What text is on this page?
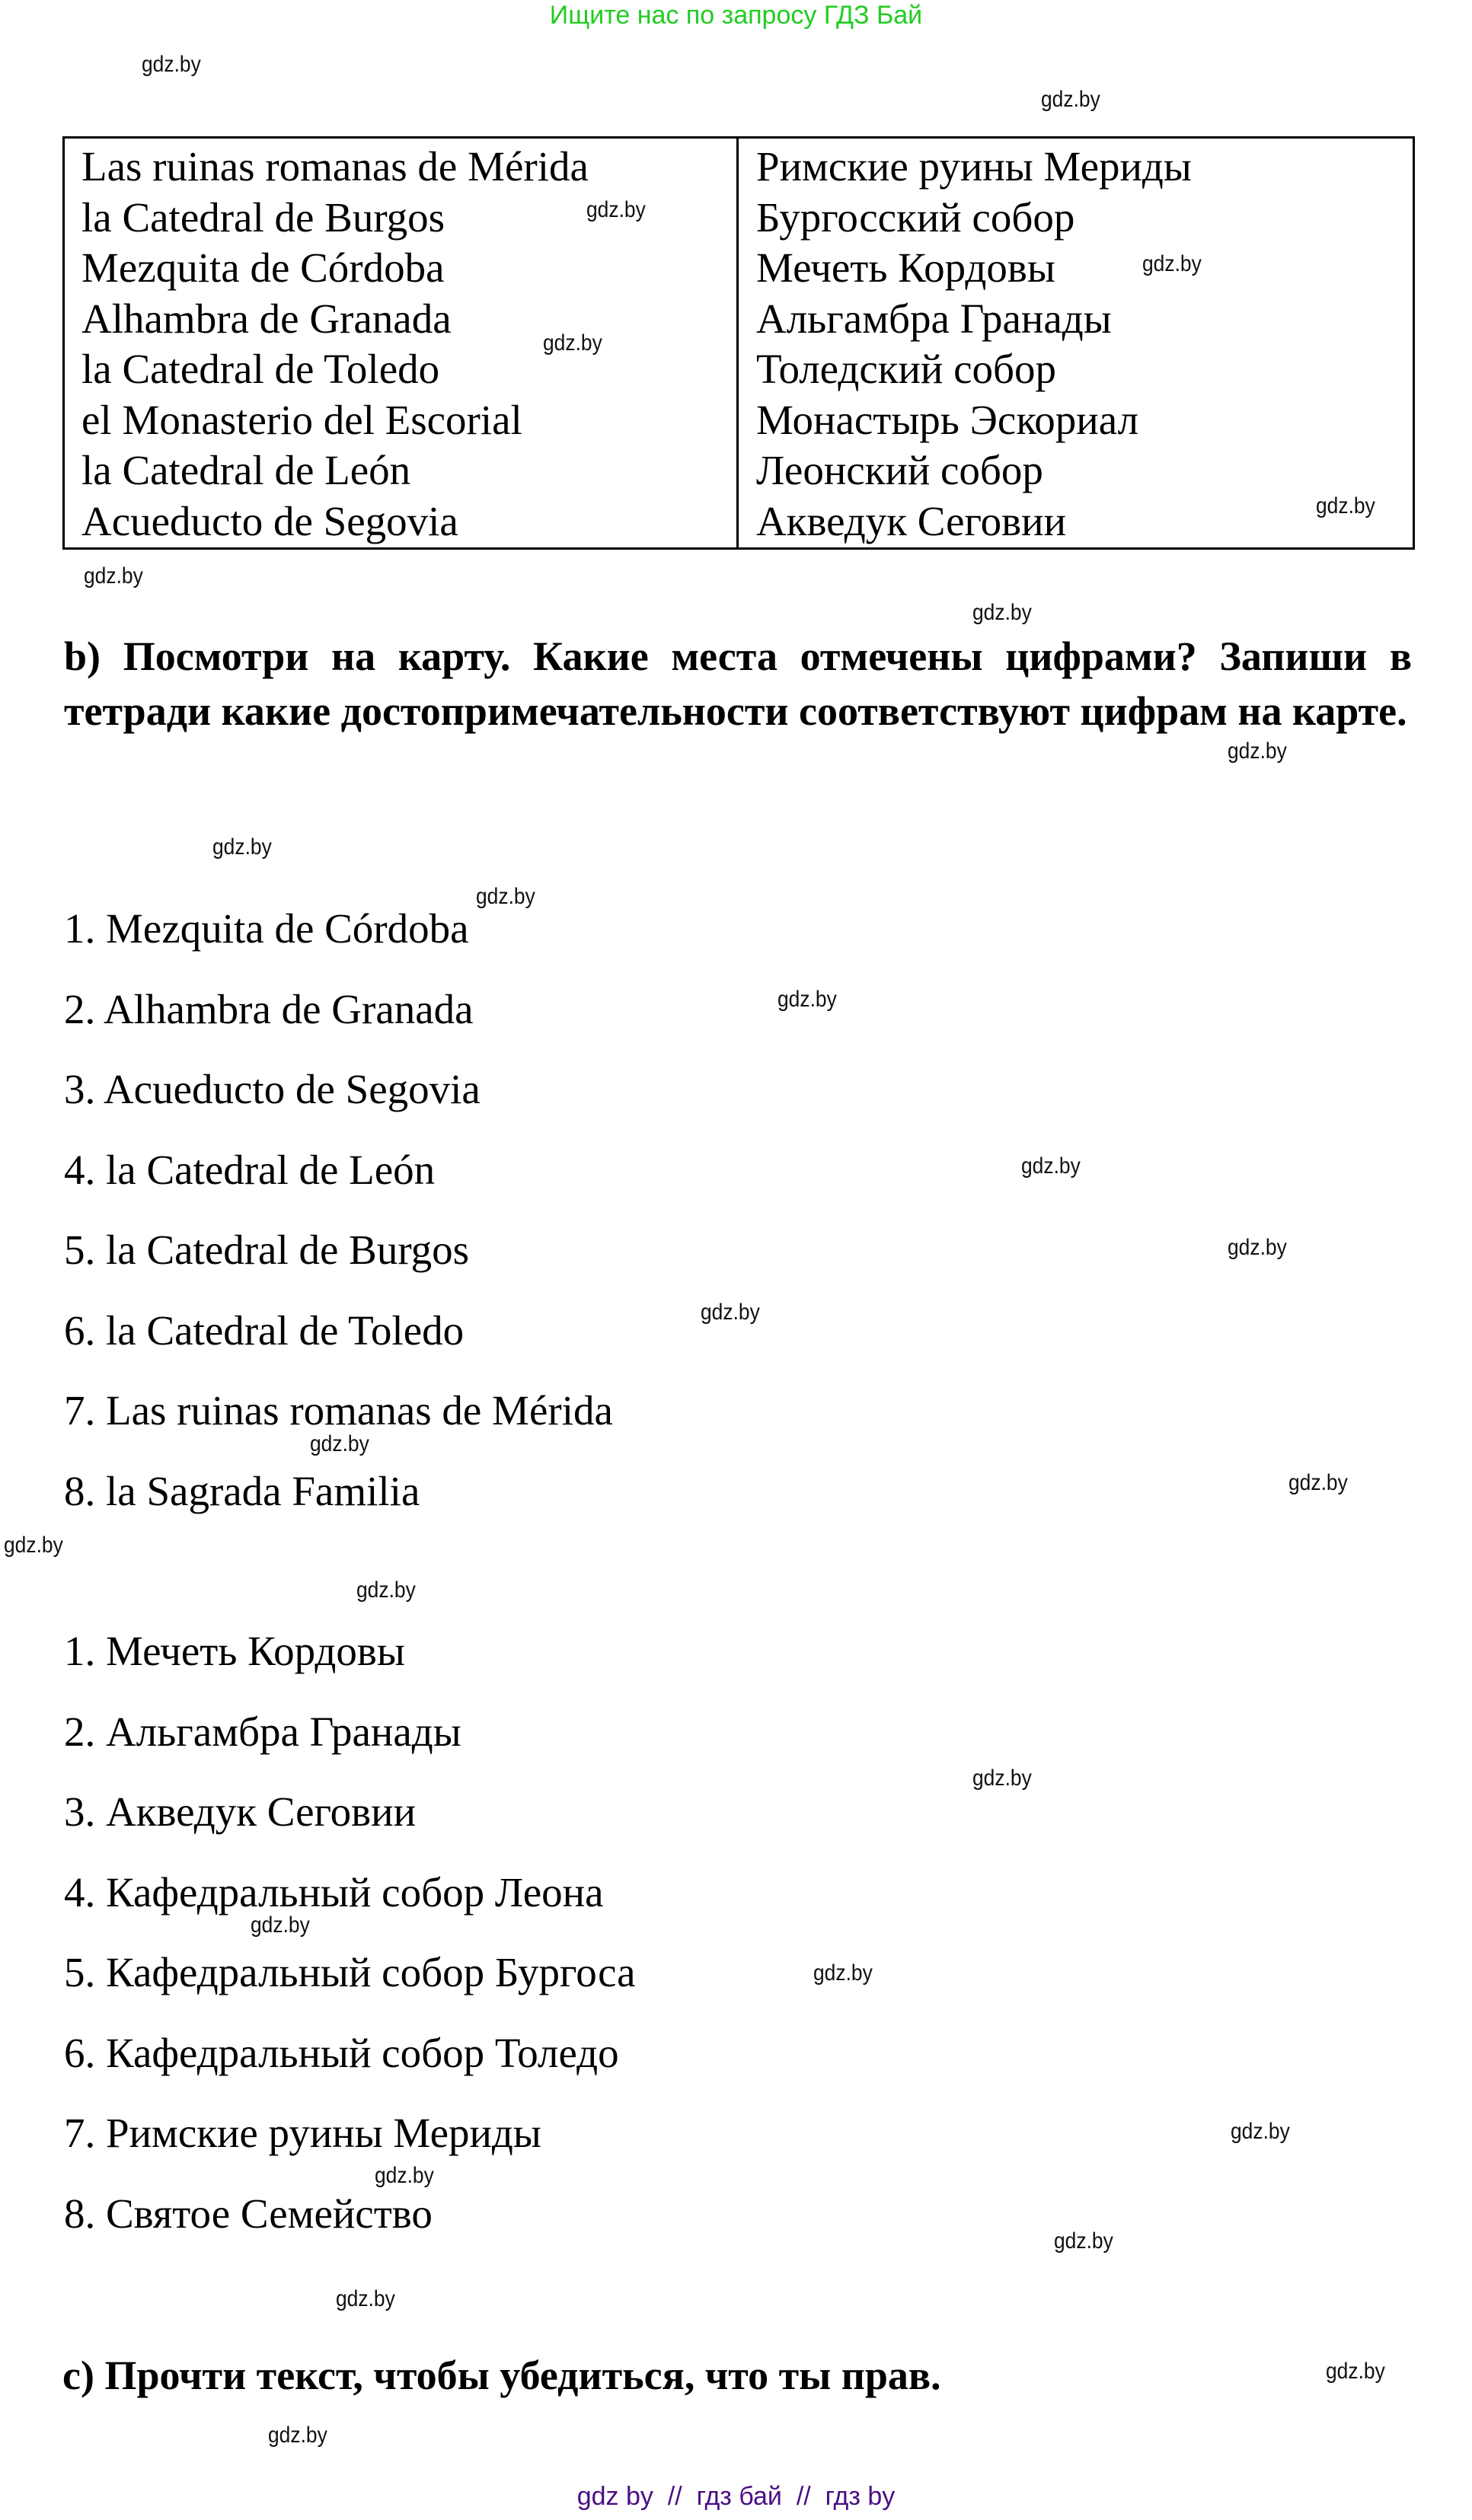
Ищите нас по запросу ГДЗ Бай
Las ruinas romanas de Mérida
la Catedral de Burgos
Mezquita de Córdoba
Alhambra de Granada
la Catedral de Toledo
el Monasterio del Escorial
la Catedral de León
Acueducto de Segovia
Римские руины Мериды
Бургосский собор
Мечеть Кордовы
Альгамбра Гранады
Толедский собор
Монастырь Эскориал
Леонский собор
Акведук Сеговии
b) Посмотри на карту. Какие места отмечены цифрами? Запиши в тетради какие достопримечательности соответствуют цифрам на карте.
1. Mezquita de Córdoba
2. Alhambra de Granada
3. Acueducto de Segovia
4. la Catedral de León
5. la Catedral de Burgos
6. la Catedral de Toledo
7. Las ruinas romanas de Mérida
8. la Sagrada Familia
1. Мечеть Кордовы
2. Альгамбра Гранады
3. Акведук Сеговии
4. Кафедральный собор Леона
5. Кафедральный собор Бургоса
6. Кафедральный собор Толедо
7. Римские руины Мериды
8. Святое Семейство
c) Прочти текст, чтобы убедиться, что ты прав.
gdz.by
gdz.by
gdz.by
gdz.by
gdz.by
gdz.by
gdz.by
gdz.by
gdz.by
gdz.by
gdz.by
gdz.by
gdz.by
gdz.by
gdz.by
gdz.by
gdz.by
gdz.by
gdz.by
gdz.by
gdz.by
gdz.by
gdz.by
gdz.by
gdz.by
gdz.by
gdz.by
gdz.by
gdz by  //  гдз бай  //  гдз by
